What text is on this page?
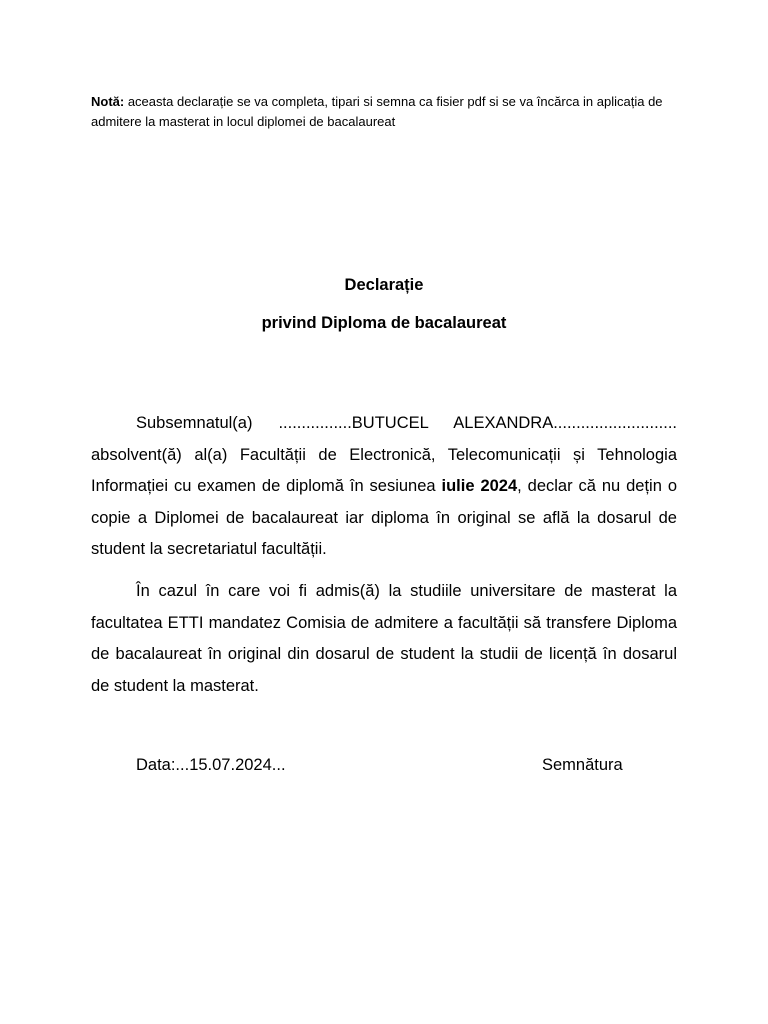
Notă: aceasta declarație se va completa, tipari si semna ca fisier pdf si se va încărca in aplicația de admitere la masterat in locul diplomei de bacalaureat
Declarație
privind Diploma de bacalaureat
Subsemnatul(a) ................BUTUCEL ALEXANDRA........................... absolvent(ă) al(a) Facultății de Electronică, Telecomunicații și Tehnologia Informației cu examen de diplomă în sesiunea iulie 2024, declar că nu dețin o copie a Diplomei de bacalaureat iar diploma în original se află la dosarul de student la secretariatul facultății.
În cazul în care voi fi admis(ă) la studiile universitare de masterat la facultatea ETTI mandatez Comisia de admitere a facultății să transfere Diploma de bacalaureat în original din dosarul de student la studii de licență în dosarul de student la masterat.
Data:...15.07.2024...	Semnătura
